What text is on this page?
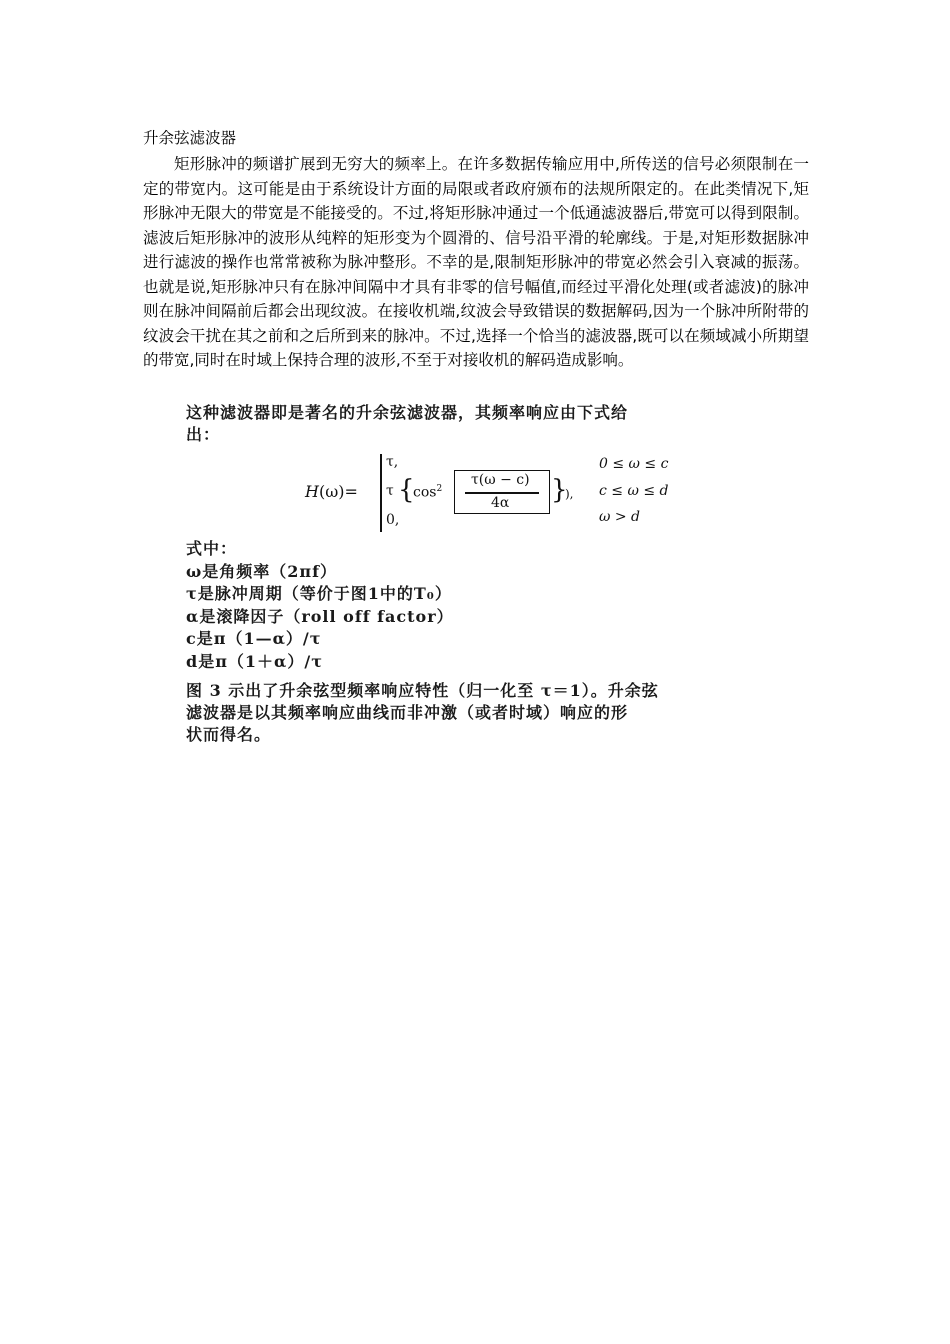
升余弦滤波器

矩形脉冲的频谱扩展到无穷大的频率上。在许多数据传输应用中,所传送的信号必须限制在一定的带宽内。这可能是由于系统设计方面的局限或者政府颁布的法规所限定的。在此类情况下,矩形脉冲无限大的带宽是不能接受的。不过,将矩形脉冲通过一个低通滤波器后,带宽可以得到限制。滤波后矩形脉冲的波形从纯粹的矩形变为个圆滑的、信号沿平滑的轮廓线。于是,对矩形数据脉冲进行滤波的操作也常常被称为脉冲整形。不幸的是,限制矩形脉冲的带宽必然会引入衰减的振荡。也就是说,矩形脉冲只有在脉冲间隔中才具有非零的信号幅值,而经过平滑化处理(或者滤波)的脉冲则在脉冲间隔前后都会出现纹波。在接收机端,纹波会导致错误的数据解码,因为一个脉冲所附带的纹波会干扰在其之前和之后所到来的脉冲。不过,选择一个恰当的滤波器,既可以在频域减小所期望的带宽,同时在时域上保持合理的波形,不至于对接收机的解码造成影响。

这种滤波器即是著名的升余弦滤波器，其频率响应由下式给

出：

H(ω)=
τ,
τ {
$\cos^2$
τ(ω − c)
4α }
),
0,
0 ≤ ω ≤ c
c ≤ ω ≤ d
ω > d
式中：
ω是角频率（2πf）
τ是脉冲周期（等价于图1中的T₀）
α是滚降因子（roll off factor）
c是π（1—α）/τ
d是π（1＋α）/τ

图 3 示出了升余弦型频率响应特性（归一化至 τ＝1）。升余弦

滤波器是以其频率响应曲线而非冲激（或者时域）响应的形

状而得名。
